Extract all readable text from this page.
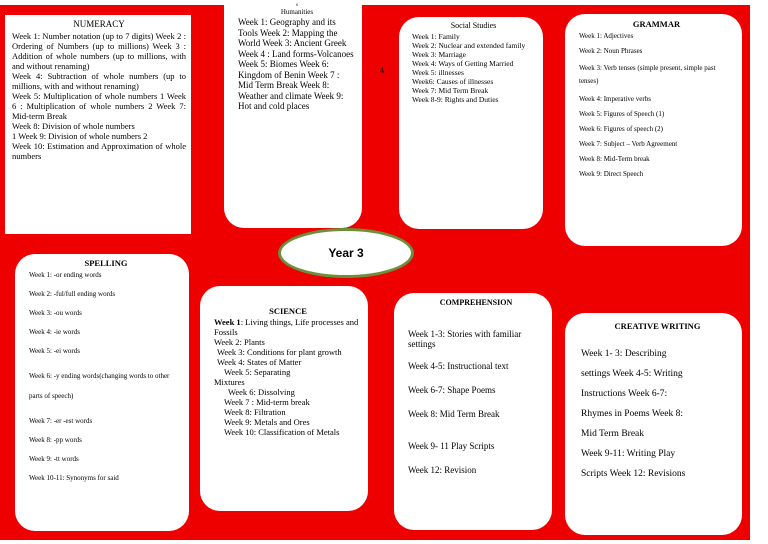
NUMERACY

Week 1: Number notation (up to 7 digits) Week 2 : Ordering of Numbers (up to millions) Week 3 : Addition of whole numbers (up to millions, with and without renaming)

Week 4: Subtraction of whole numbers (up to millions, with and without renaming)

Week 5: Multiplication of whole numbers 1 Week 6 : Multiplication of whole numbers 2 Week 7: Mid-term Break

Week 8: Division of whole numbers

1 Week 9: Division of whole numbers 2

Week 10: Estimation and Approximation of whole numbers

s

Humanities

Week 1: Geography and its Tools Week 2: Mapping the World Week 3: Ancient Greek Week 4 : Land forms-Volcanoes Week 5: Biomes Week 6: Kingdom of Benin Week 7 : Mid Term Break Week 8: Weather and climate Week 9: Hot and cold places

4

Social Studies

Week 1: Family

Week 2: Nuclear and extended family

Week 3: Marriage

Week 4: Ways of Getting Married

Week 5: illnesses

Week6: Causes of illnesses

Week 7: Mid Term Break

Week 8-9: Rights and Duties

GRAMMAR

Week 1: Adjectives
Week 2: Noun Phrases
Week 3: Verb tenses (simple present, simple past tenses)
Week 4: Imperative verbs
Week 5: Figures of Speech (1)
Week 6: Figures of speech (2)
Week 7: Subject – Verb Agreement
Week 8: Mid-Term break
Week 9: Direct Speech
Year 3

SPELLING

Week 1: -or ending words
Week 2: -ful/full ending words
Week 3: -ou words
Week 4: -ie words
Week 5: -ei words
Week 6: -y ending words(changing words to other parts of speech)
Week 7: -er -est words
Week 8: -pp words
Week 9: -tt words
Week 10-11: Synonyms for said

SCIENCE

Week 1: Living things, Life processes and Fossils

Week 2: Plants

Week 3: Conditions for plant growth Week 4: States of Matter

Week 5: Separating

Mixtures

Week 6: Dissolving

Week 7 : Mid-term break

Week 8: Filtration

Week 9: Metals and Ores

Week 10: Classification of Metals

COMPREHENSION

Week 1-3: Stories with familiar settings
Week 4-5: Instructional text
Week 6-7: Shape Poems
Week 8: Mid Term Break
Week 9- 11 Play Scripts
Week 12: Revision

CREATIVE WRITING

Week 1- 3: Describing
settings Week 4-5: Writing
Instructions Week 6-7:
Rhymes in Poems Week 8:
Mid Term Break
Week 9-11: Writing Play
Scripts Week 12: Revisions
